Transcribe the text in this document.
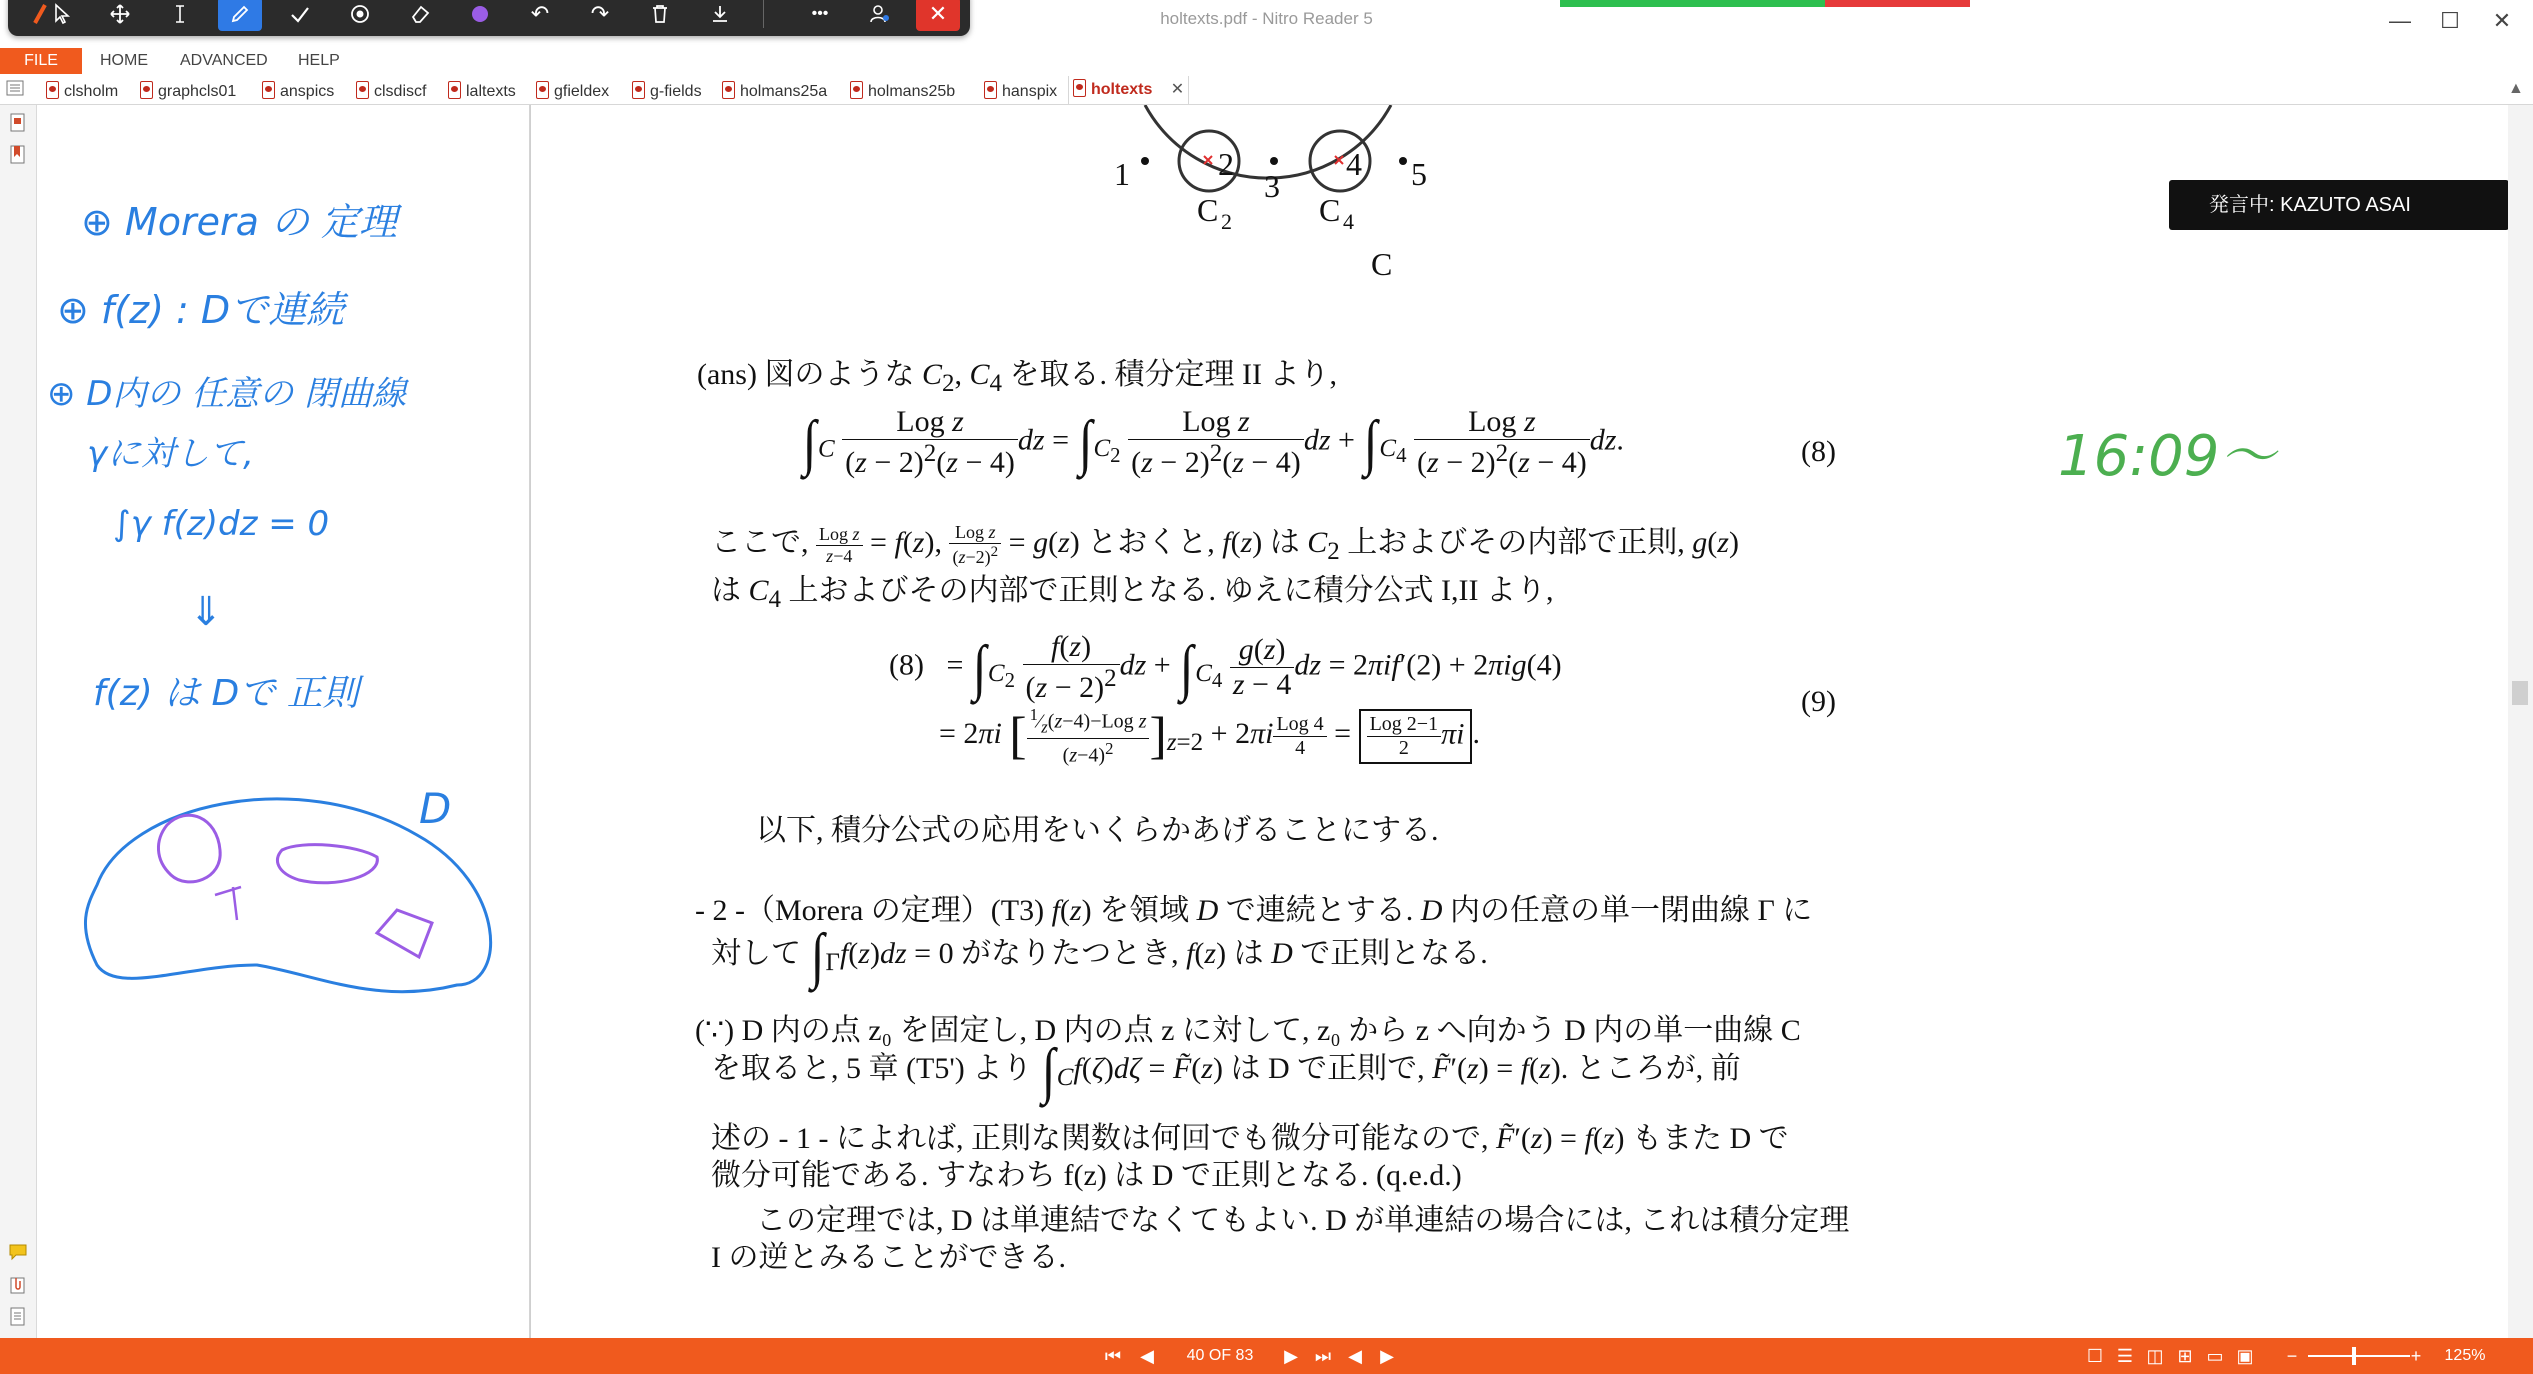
holtexts.pdf - Nitro Reader 5	—	☐	✕
↶	↷	•••	✕
FILE	HOME ADVANCED HELP
clsholm	graphcls01	anspics	clsdiscf	laltexts	gfieldex	g-fields	holmans25a	holmans25b	hanspix	holtexts ✕	▲
⊕ Morera の 定理
⊕ f(z) : Dで連続
⊕ D内の 任意の 閉曲線
γに対して,
∫γ f(z)dz = 0
⇓
f(z) は Dで 正則
D
1	2
3
4 5
C 2	C 4
C
(ans) 図のような $C_2$, $C_4$ を取る. 積分定理 II より,
$\int_C \frac{\text{Log z}}{(z - 2)^2(z - 4)}$ dz = $\int_{C_2} \frac{\text{Log z}}{(z - 2)^2(z - 4)}$ dz + $\int_{C_4} \frac{\text{Log z}}{(z - 2)^2(z - 4)}$ dz.	(8)
ここで, $\frac{\text{Log z}}{z-4} = f(z)$, $\frac{\text{Log z}}{(z-2)^2} = g(z)$ とおくと, f(z) は $C_2$ 上およびその内部で正則, g(z)
は $C_4$ 上およびその内部で正則となる. ゆえに積分公式 I,II より,
$(8) = \int_{C_2} \frac{f(z)}{(z - 2)^2}$ dz + $\int_{C_4} \frac{g(z)}{z - 4}$ dz = 2πif′(2) + 2πig(4)
= 2πi [ $\frac{^1⁄_z(z-4)-Log z}{(z-4)^2} ]_{z=2} + 2\pi i \frac{\text{Log 4}}{4} = \frac{\text{Log 2−1}}{2}$ πi .
(9)
以下, 積分公式の応用をいくらかあげることにする.
- 2 -（Morera の定理）(T3) f(z) を領域 D で連続とする. D 内の任意の単一閉曲線 Γ に
対して $\int_\Gamma f(z)dz = 0$ がなりたつとき, f(z) は D で正則となる.
(∵) D 内の点 z₀ を固定し, D 内の点 z に対して, z₀ から z へ向かう D 内の単一曲線 C
を取ると, 5 章 (T5') より $\int_Cf(\zeta)d\zeta$ = F̃(z) は D で正則で, F̃′(z) = f(z). ところが, 前
述の - 1 - によれば, 正則な関数は何回でも微分可能なので, F̃′(z) = f(z) もまた D で
微分可能である. すなわち f(z) は D で正則となる. (q.e.d.)
この定理では, D は単連結でなくてもよい. D が単連結の場合には, これは積分定理
I の逆とみることができる.
16:09〜
発言中: KAZUTO ASAI
⏮	◀	40 OF 83	▶ ⏭ ◀	▶	☐ ☰ ◫ ⊞ ▭ ▣ −	+	125%
